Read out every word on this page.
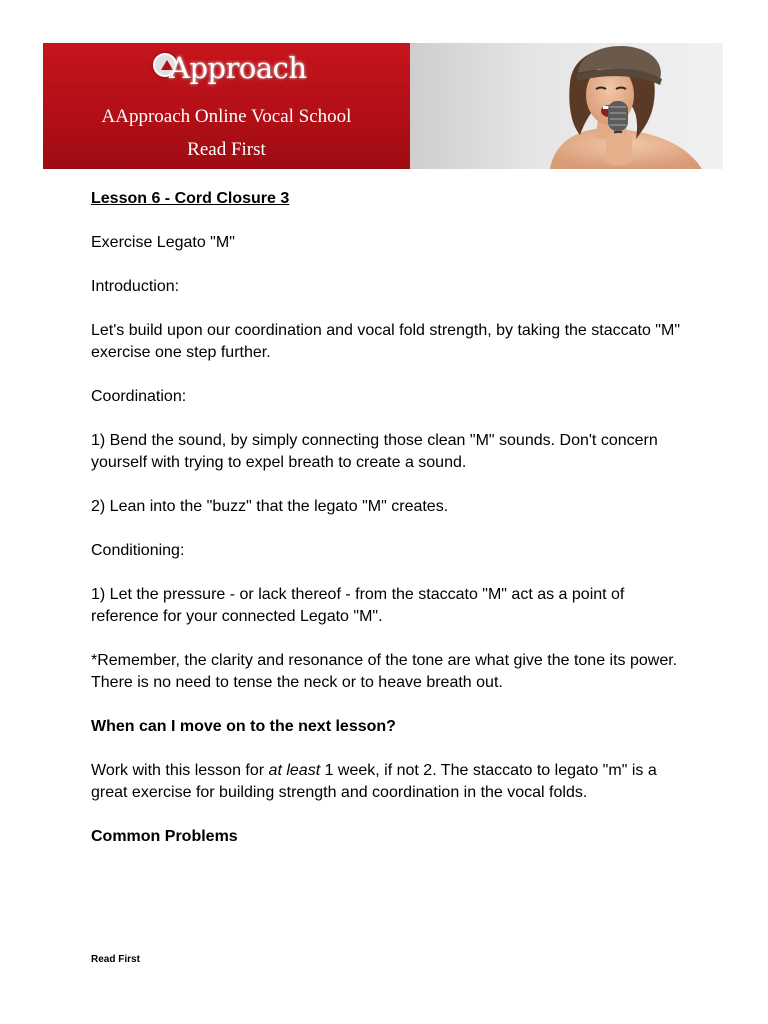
Approach
AApproach Online Vocal School
Read First

Lesson 6 - Cord Closure 3

Exercise Legato "M"

Introduction:

Let's build upon our coordination and vocal fold strength, by taking the staccato "M" exercise one step further.

Coordination:

1) Bend the sound, by simply connecting those clean "M" sounds. Don't concern yourself with trying to expel breath to create a sound.

2) Lean into the "buzz" that the legato "M" creates.

Conditioning:

1) Let the pressure - or lack thereof - from the staccato "M" act as a point of reference for your connected Legato "M".

*Remember, the clarity and resonance of the tone are what give the tone its power. There is no need to tense the neck or to heave breath out.

When can I move on to the next lesson?

Work with this lesson for at least 1 week, if not 2. The staccato to legato "m" is a great exercise for building strength and coordination in the vocal folds.

Common Problems

Read First
